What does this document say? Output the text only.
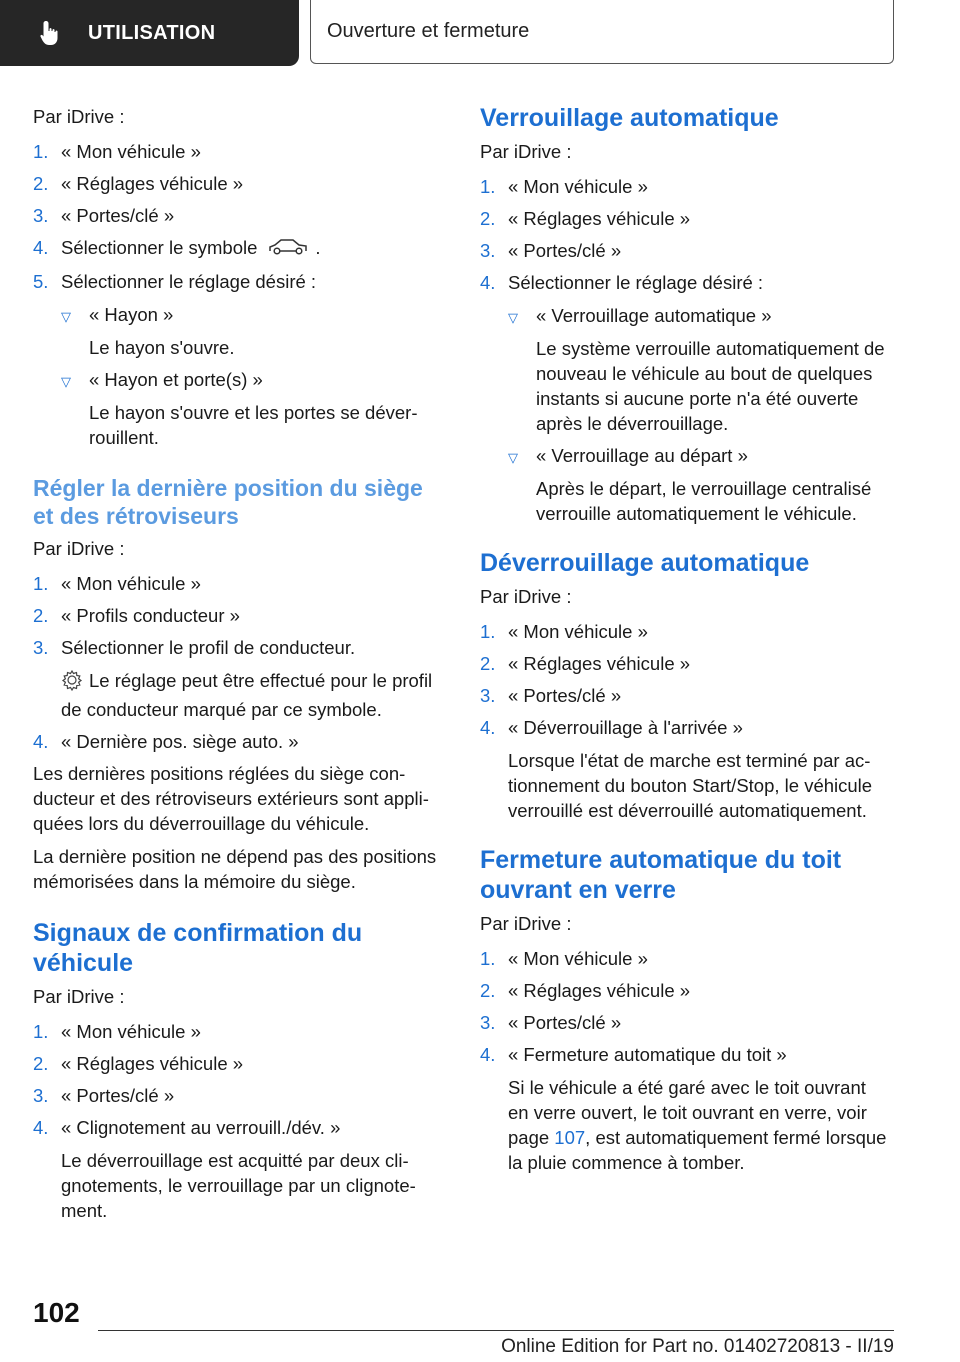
UTILISATION	Ouverture et fermeture

Par iDrive :

1. « Mon véhicule »
2. « Réglages véhicule »
3. « Portes/clé »
4. Sélectionner le symbole	.
5. Sélectionner le réglage désiré :
▽ « Hayon »

Le hayon s'ouvre.

▽ « Hayon et porte(s) »

Le hayon s'ouvre et les portes se déverrouillent.

Régler la dernière position du siège et des rétroviseurs

Par iDrive :

1. « Mon véhicule »
2. « Profils conducteur »
3. Sélectionner le profil de conducteur.

Le réglage peut être effectué pour le profil de conducteur marqué par ce symbole.

4. « Dernière pos. siège auto. »

Les dernières positions réglées du siège conducteur et des rétroviseurs extérieurs sont appliquées lors du déverrouillage du véhicule.

La dernière position ne dépend pas des positions mémorisées dans la mémoire du siège.

Signaux de confirmation du véhicule

Par iDrive :

1. « Mon véhicule »
2. « Réglages véhicule »
3. « Portes/clé »
4. « Clignotement au verrouill./dév. »

Le déverrouillage est acquitté par deux clignotements, le verrouillage par un clignotement.

Verrouillage automatique

Par iDrive :

1. « Mon véhicule »
2. « Réglages véhicule »
3. « Portes/clé »
4. Sélectionner le réglage désiré :
▽ « Verrouillage automatique »

Le système verrouille automatiquement de nouveau le véhicule au bout de quelques instants si aucune porte n'a été ouverte après le déverrouillage.

▽ « Verrouillage au départ »

Après le départ, le verrouillage centralisé verrouille automatiquement le véhicule.

Déverrouillage automatique

Par iDrive :

1. « Mon véhicule »
2. « Réglages véhicule »
3. « Portes/clé »
4. « Déverrouillage à l'arrivée »

Lorsque l'état de marche est terminé par actionnement du bouton Start/Stop, le véhicule verrouillé est déverrouillé automatiquement.

Fermeture automatique du toit ouvrant en verre

Par iDrive :

1. « Mon véhicule »
2. « Réglages véhicule »
3. « Portes/clé »
4. « Fermeture automatique du toit »

Si le véhicule a été garé avec le toit ouvrant en verre ouvert, le toit ouvrant en verre, voir page 107, est automatiquement fermé lorsque la pluie commence à tomber.

102
Online Edition for Part no. 01402720813 - II/19
